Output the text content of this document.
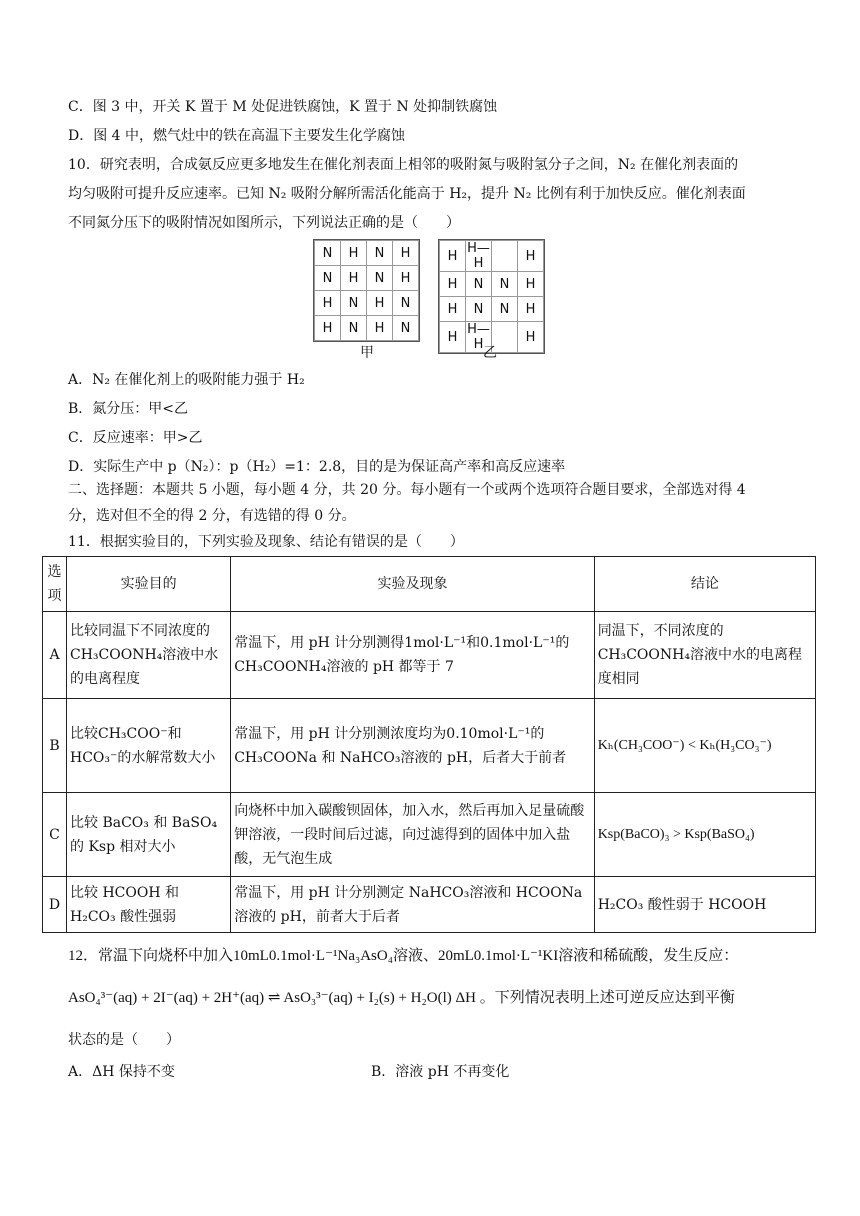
C．图 3 中，开关 K 置于 M 处促进铁腐蚀，K 置于 N 处抑制铁腐蚀
D．图 4 中，燃气灶中的铁在高温下主要发生化学腐蚀
10．研究表明，合成氨反应更多地发生在催化剂表面上相邻的吸附氮与吸附氢分子之间，N₂ 在催化剂表面的
均匀吸附可提升反应速率。已知 N₂ 吸附分解所需活化能高于 H₂，提升 N₂ 比例有利于加快反应。催化剂表面
不同氮分压下的吸附情况如图所示，下列说法正确的是（　　）
N	H	N	H
N	H	N	H
H	N	H	N
H	N	H	N
H	H—H		H
H	N	N	H
H	N	N	H
H	H—H		H
甲	乙
A．N₂ 在催化剂上的吸附能力强于 H₂
B．氮分压：甲<乙
C．反应速率：甲>乙
D．实际生产中 p（N₂）：p（H₂）=1：2.8，目的是为保证高产率和高反应速率
二、选择题：本题共 5 小题，每小题 4 分，共 20 分。每小题有一个或两个选项符合题目要求，全部选对得 4
分，选对但不全的得 2 分，有选错的得 0 分。
11．根据实验目的，下列实验及现象、结论有错误的是（　　）
选项	实验目的	实验及现象	结论
A	比较同温下不同浓度的CH₃COONH₄溶液中水的电离程度	常温下，用 pH 计分别测得1mol·L⁻¹和0.1mol·L⁻¹的CH₃COONH₄溶液的 pH 都等于 7	同温下，不同浓度的 CH₃COONH₄溶液中水的电离程度相同
B	比较CH₃COO⁻和 HCO₃⁻的水解常数大小	常温下，用 pH 计分别测浓度均为0.10mol·L⁻¹的CH₃COONa 和 NaHCO₃溶液的 pH，后者大于前者	Kₕ(CH₃COO⁻) < Kₕ(H₃CO₃⁻)
C	比较 BaCO₃ 和 BaSO₄ 的 Ksp 相对大小	向烧杯中加入碳酸钡固体，加入水，然后再加入足量硫酸钾溶液，一段时间后过滤，向过滤得到的固体中加入盐酸，无气泡生成	Ksp(BaCO)₃ > Ksp(BaSO₄)
D	比较 HCOOH 和 H₂CO₃ 酸性强弱	常温下，用 pH 计分别测定 NaHCO₃溶液和 HCOONa 溶液的 pH，前者大于后者	H₂CO₃ 酸性弱于 HCOOH
12．常温下向烧杯中加入10mL0.1mol·L⁻¹Na₃AsO₄溶液、20mL0.1mol·L⁻¹KI溶液和稀硫酸，发生反应：
AsO₄³⁻(aq) + 2I⁻(aq) + 2H⁺(aq) ⇌ AsO₃³⁻(aq) + I₂(s) + H₂O(l) ΔH 。下列情况表明上述可逆反应达到平衡
状态的是（　　）
A．ΔH 保持不变	B．溶液 pH 不再变化
